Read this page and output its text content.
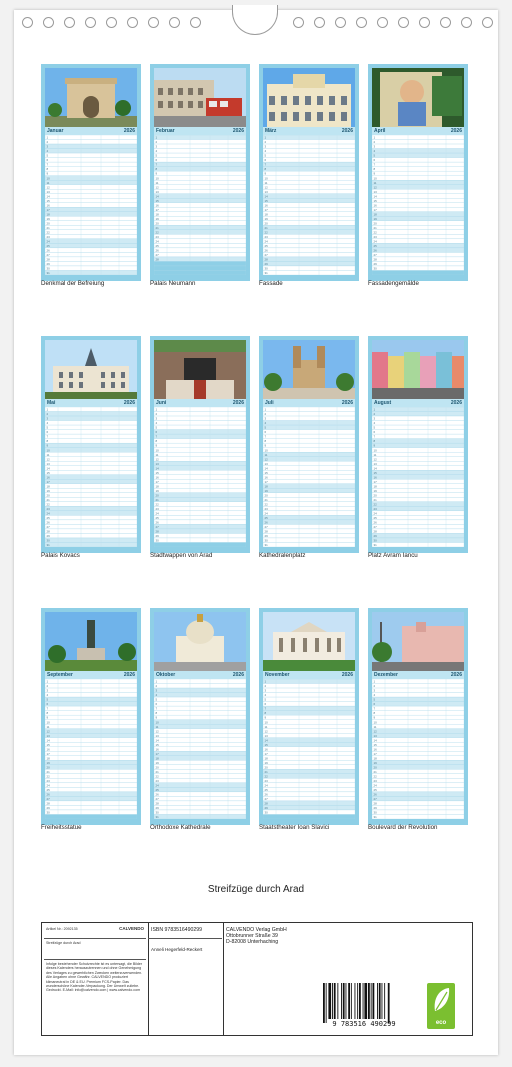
Januar	2026
1
2
3
4
5
6
7
8
9
10
11
12
13
14
15
16
17
18
19
20
21
22
23
24
25
26
27
28
29
30
31
Denkmal der Befreiung
Februar	2026
1
2
3
4
5
6
7
8
9
10
11
12
13
14
15
16
17
18
19
20
21
22
23
24
25
26
27
28
Palais Neumann
März	2026
1
2
3
4
5
6
7
8
9
10
11
12
13
14
15
16
17
18
19
20
21
22
23
24
25
26
27
28
29
30
31
Fassade
April	2026
1
2
3
4
5
6
7
8
9
10
11
12
13
14
15
16
17
18
19
20
21
22
23
24
25
26
27
28
29
30
Fassadengemälde
Mai	2026
1
2
3
4
5
6
7
8
9
10
11
12
13
14
15
16
17
18
19
20
21
22
23
24
25
26
27
28
29
30
31
Palais Kovacs
Juni	2026
1
2
3
4
5
6
7
8
9
10
11
12
13
14
15
16
17
18
19
20
21
22
23
24
25
26
27
28
29
30
Stadtwappen von Arad
Juli	2026
1
2
3
4
5
6
7
8
9
10
11
12
13
14
15
16
17
18
19
20
21
22
23
24
25
26
27
28
29
30
31
Kathedralenplatz
August	2026
1
2
3
4
5
6
7
8
9
10
11
12
13
14
15
16
17
18
19
20
21
22
23
24
25
26
27
28
29
30
31
Platz Avram Iancu
September	2026
1
2
3
4
5
6
7
8
9
10
11
12
13
14
15
16
17
18
19
20
21
22
23
24
25
26
27
28
29
30
Freiheitsstatue
Oktober	2026
1
2
3
4
5
6
7
8
9
10
11
12
13
14
15
16
17
18
19
20
21
22
23
24
25
26
27
28
29
30
31
Orthodoxe Kathedrale
November	2026
1
2
3
4
5
6
7
8
9
10
11
12
13
14
15
16
17
18
19
20
21
22
23
24
25
26
27
28
29
30
Staatstheater Ioan Slavici
Dezember	2026
1
2
3
4
5
6
7
8
9
10
11
12
13
14
15
16
17
18
19
20
21
22
23
24
25
26
27
28
29
30
31
Boulevard der Revolution
Streifzüge durch Arad
Artikel Nr.: 2092135	CALVENDO
Streifzüge durch Arad
Infolge bestehender Schutzrechte ist es untersagt, die Bilder dieses Kalenders herauszutrennen und ohne Genehmigung des Verlages zu gewerblichen Zwecken weiterzuverwenden. Alle Angaben ohne Gewähr. CALVENDO produziert klimaneutral in DE & EU. Premium FCS-Papier. Das wunderschöne Kalender-Verpackung. Der Umwelt zuliebe. Gedruckt. E-Mail: info@calvendo.com | www.calvendo.com
ISBN 9783516490299
Anneli Hegerfeld-Reckert
CALVENDO Verlag GmbH
Ottobrunner Straße 39
D-82008 Unterhaching
9 783516 490299	eco
